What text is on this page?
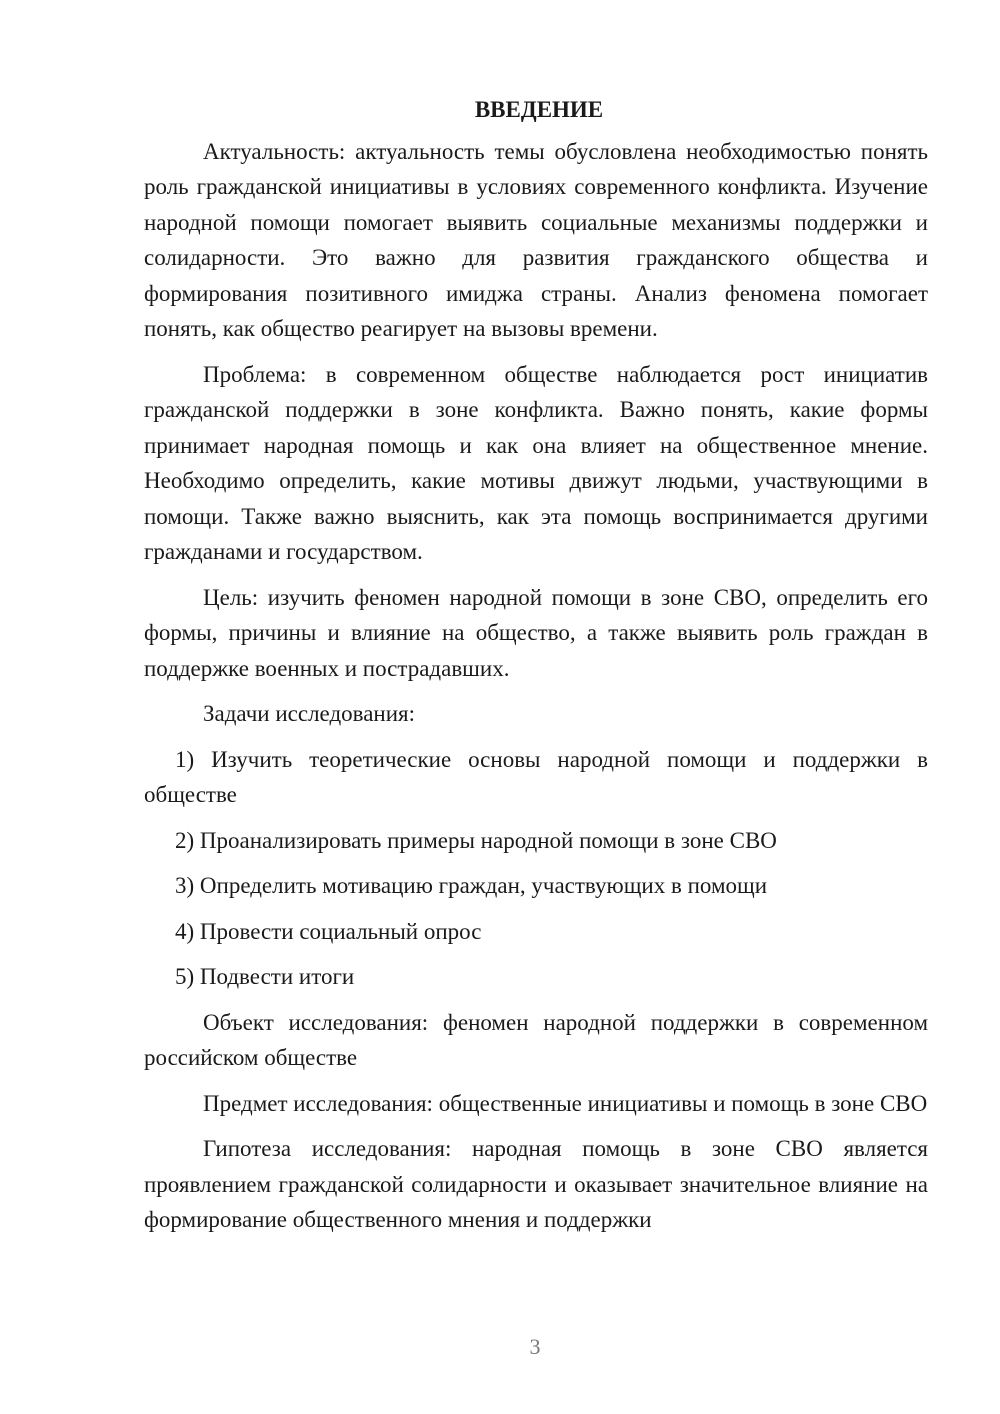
ВВЕДЕНИЕ

Актуальность: актуальность темы обусловлена необходимостью понять роль гражданской инициативы в условиях современного конфликта. Изучение народной помощи помогает выявить социальные механизмы поддержки и солидарности. Это важно для развития гражданского общества и формирования позитивного имиджа страны. Анализ феномена помогает понять, как общество реагирует на вызовы времени.

Проблема: в современном обществе наблюдается рост инициатив гражданской поддержки в зоне конфликта. Важно понять, какие формы принимает народная помощь и как она влияет на общественное мнение. Необходимо определить, какие мотивы движут людьми, участвующими в помощи. Также важно выяснить, как эта помощь воспринимается другими гражданами и государством.

Цель: изучить феномен народной помощи в зоне СВО, определить его формы, причины и влияние на общество, а также выявить роль граждан в поддержке военных и пострадавших.

Задачи исследования:

1) Изучить теоретические основы народной помощи и поддержки в обществе

2) Проанализировать примеры народной помощи в зоне СВО

3) Определить мотивацию граждан, участвующих в помощи

4) Провести социальный опрос

5) Подвести итоги

Объект исследования: феномен народной поддержки в современном российском обществе

Предмет исследования: общественные инициативы и помощь в зоне СВО

Гипотеза исследования: народная помощь в зоне СВО является проявлением гражданской солидарности и оказывает значительное влияние на формирование общественного мнения и поддержки

3
